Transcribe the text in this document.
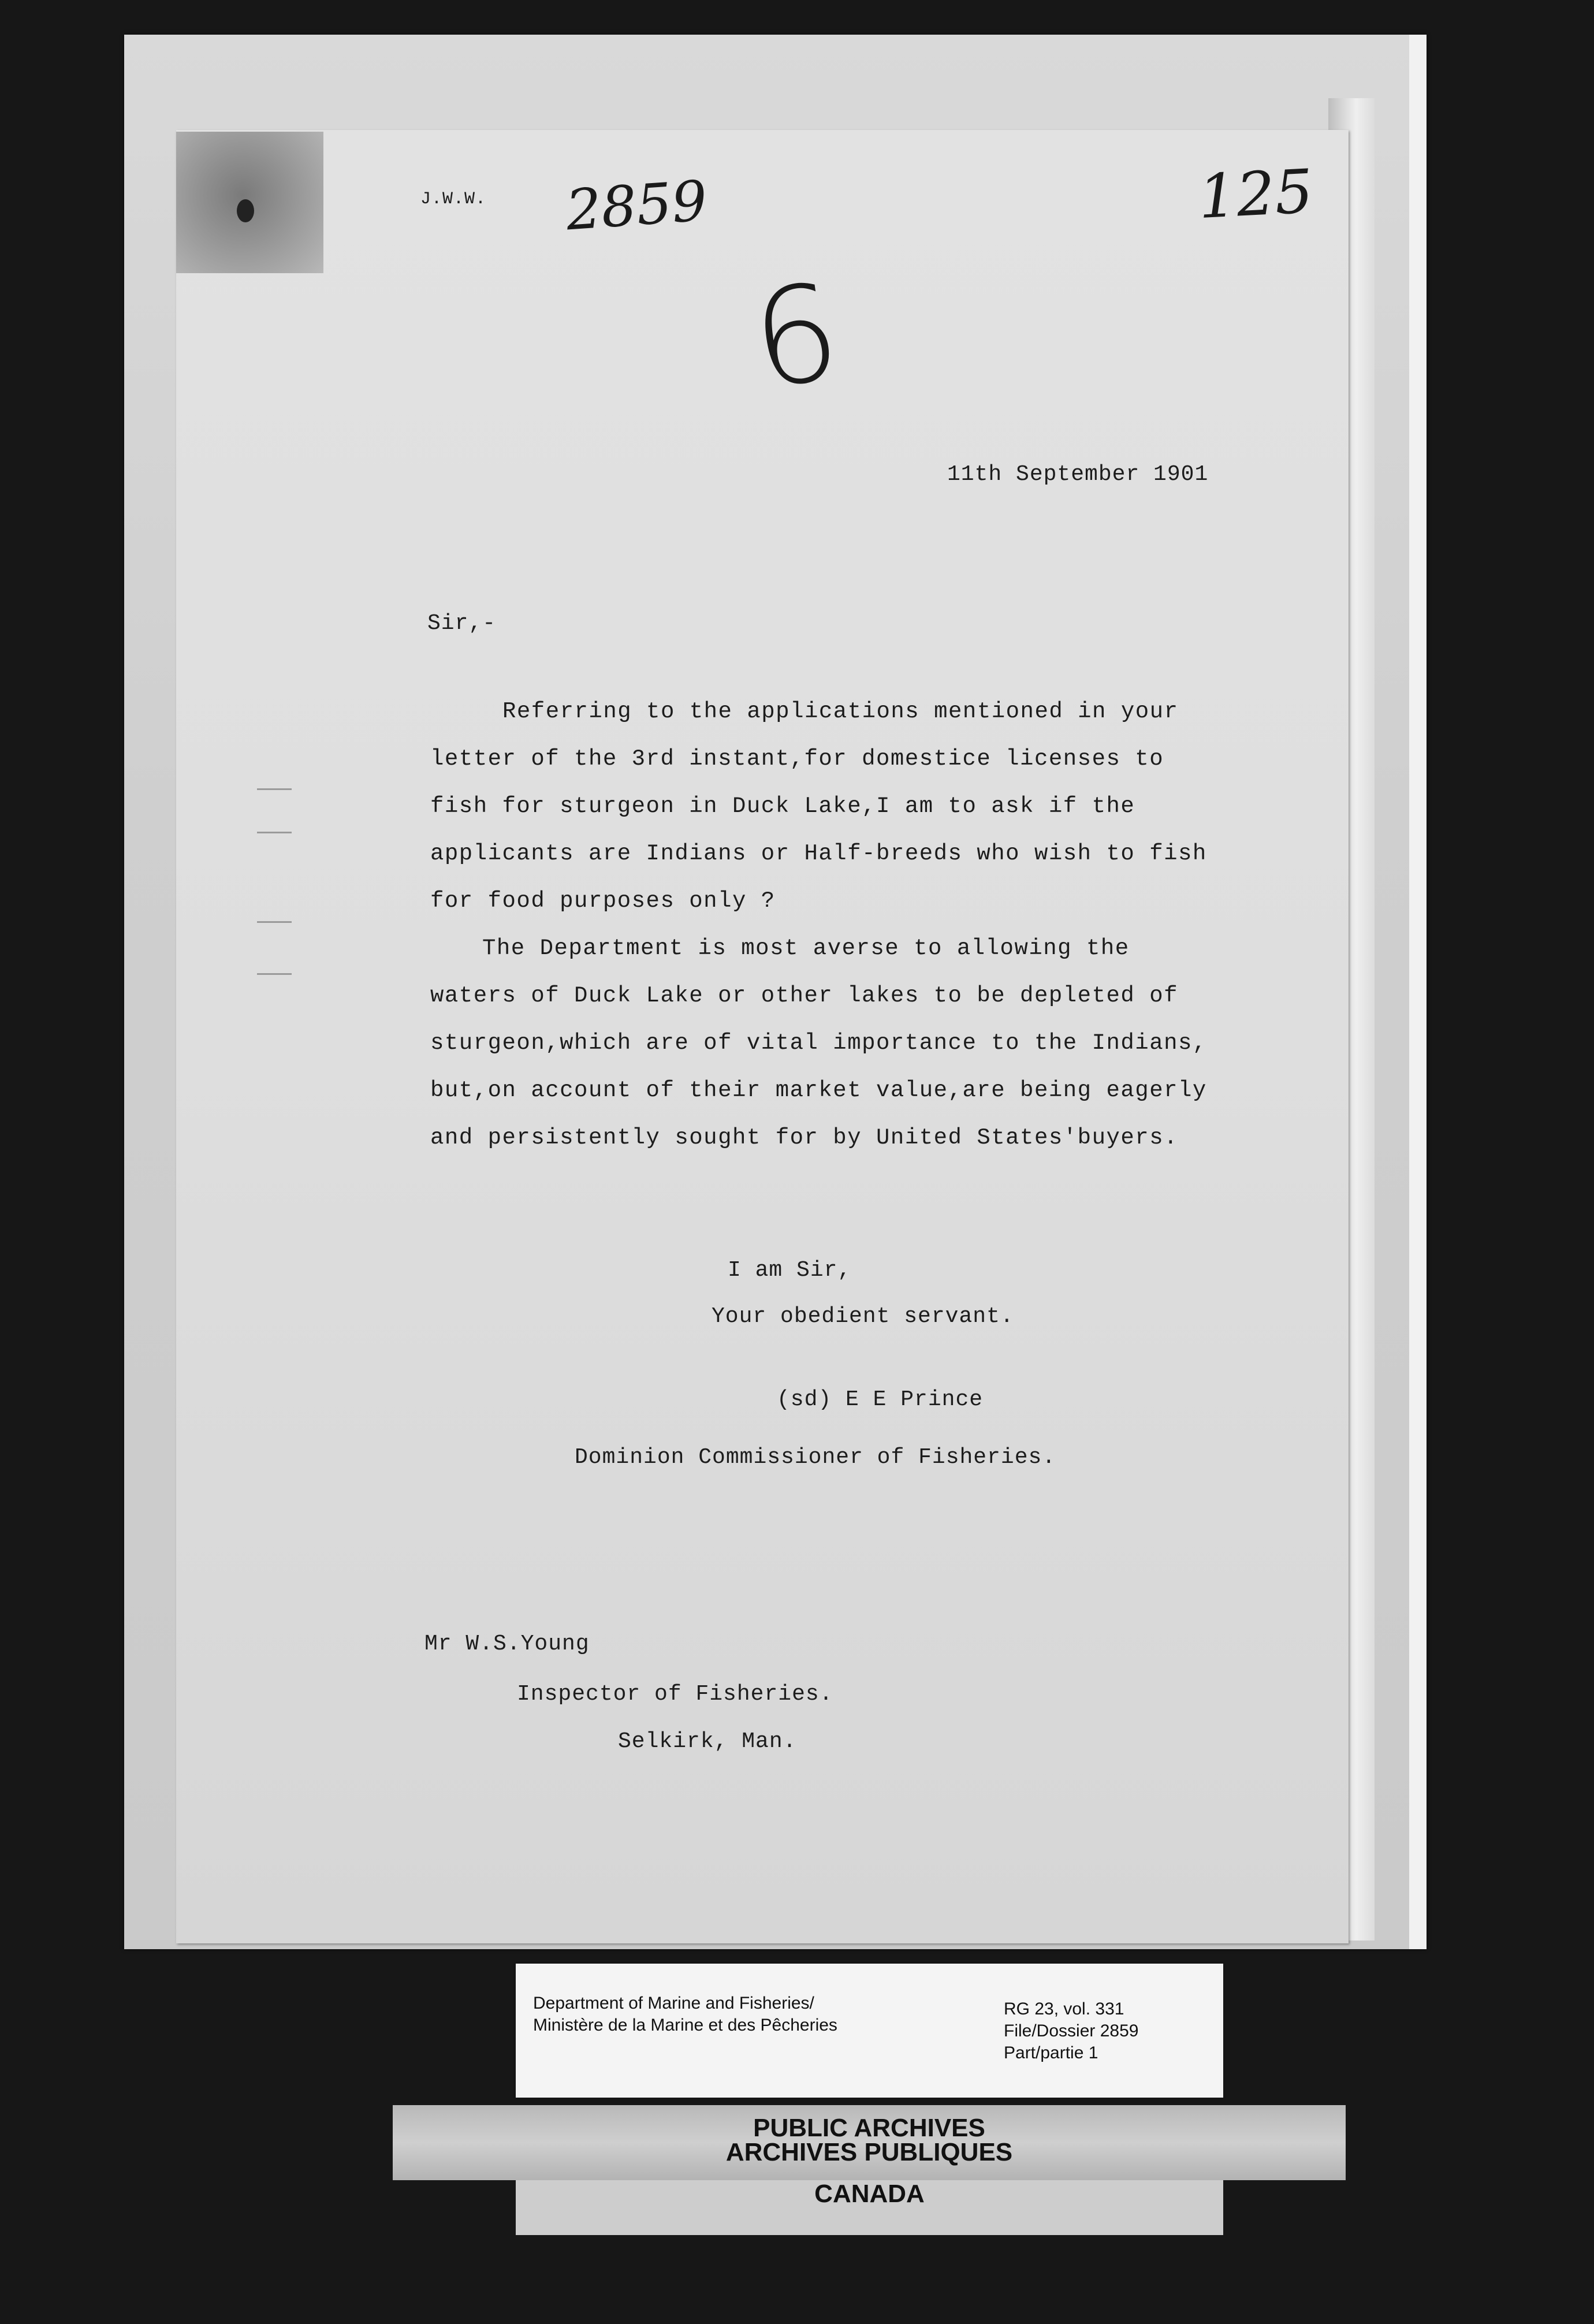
J.W.W. 2859	125
6
11th September 1901
Sir,-
Referring to the applications mentioned in your
letter of the 3rd instant,for domestice licenses to
fish for sturgeon in Duck Lake,I am to ask if the
applicants are Indians or Half-breeds who wish to fish
for food purposes only ?
The Department is most averse to allowing the
waters of Duck Lake or other lakes to be depleted of
sturgeon,which are of vital importance to the Indians,
but,on account of their market value,are being eagerly
and persistently sought for by United States'buyers.
I am Sir,
Your obedient servant.
(sd) E E Prince
Dominion Commissioner of Fisheries.
Mr W.S.Young
Inspector of Fisheries.
Selkirk, Man.
Department of Marine and Fisheries/
Ministère de la Marine et des Pêcheries
RG 23, vol. 331
File/Dossier 2859
Part/partie 1
PUBLIC ARCHIVES
ARCHIVES PUBLIQUES
CANADA
